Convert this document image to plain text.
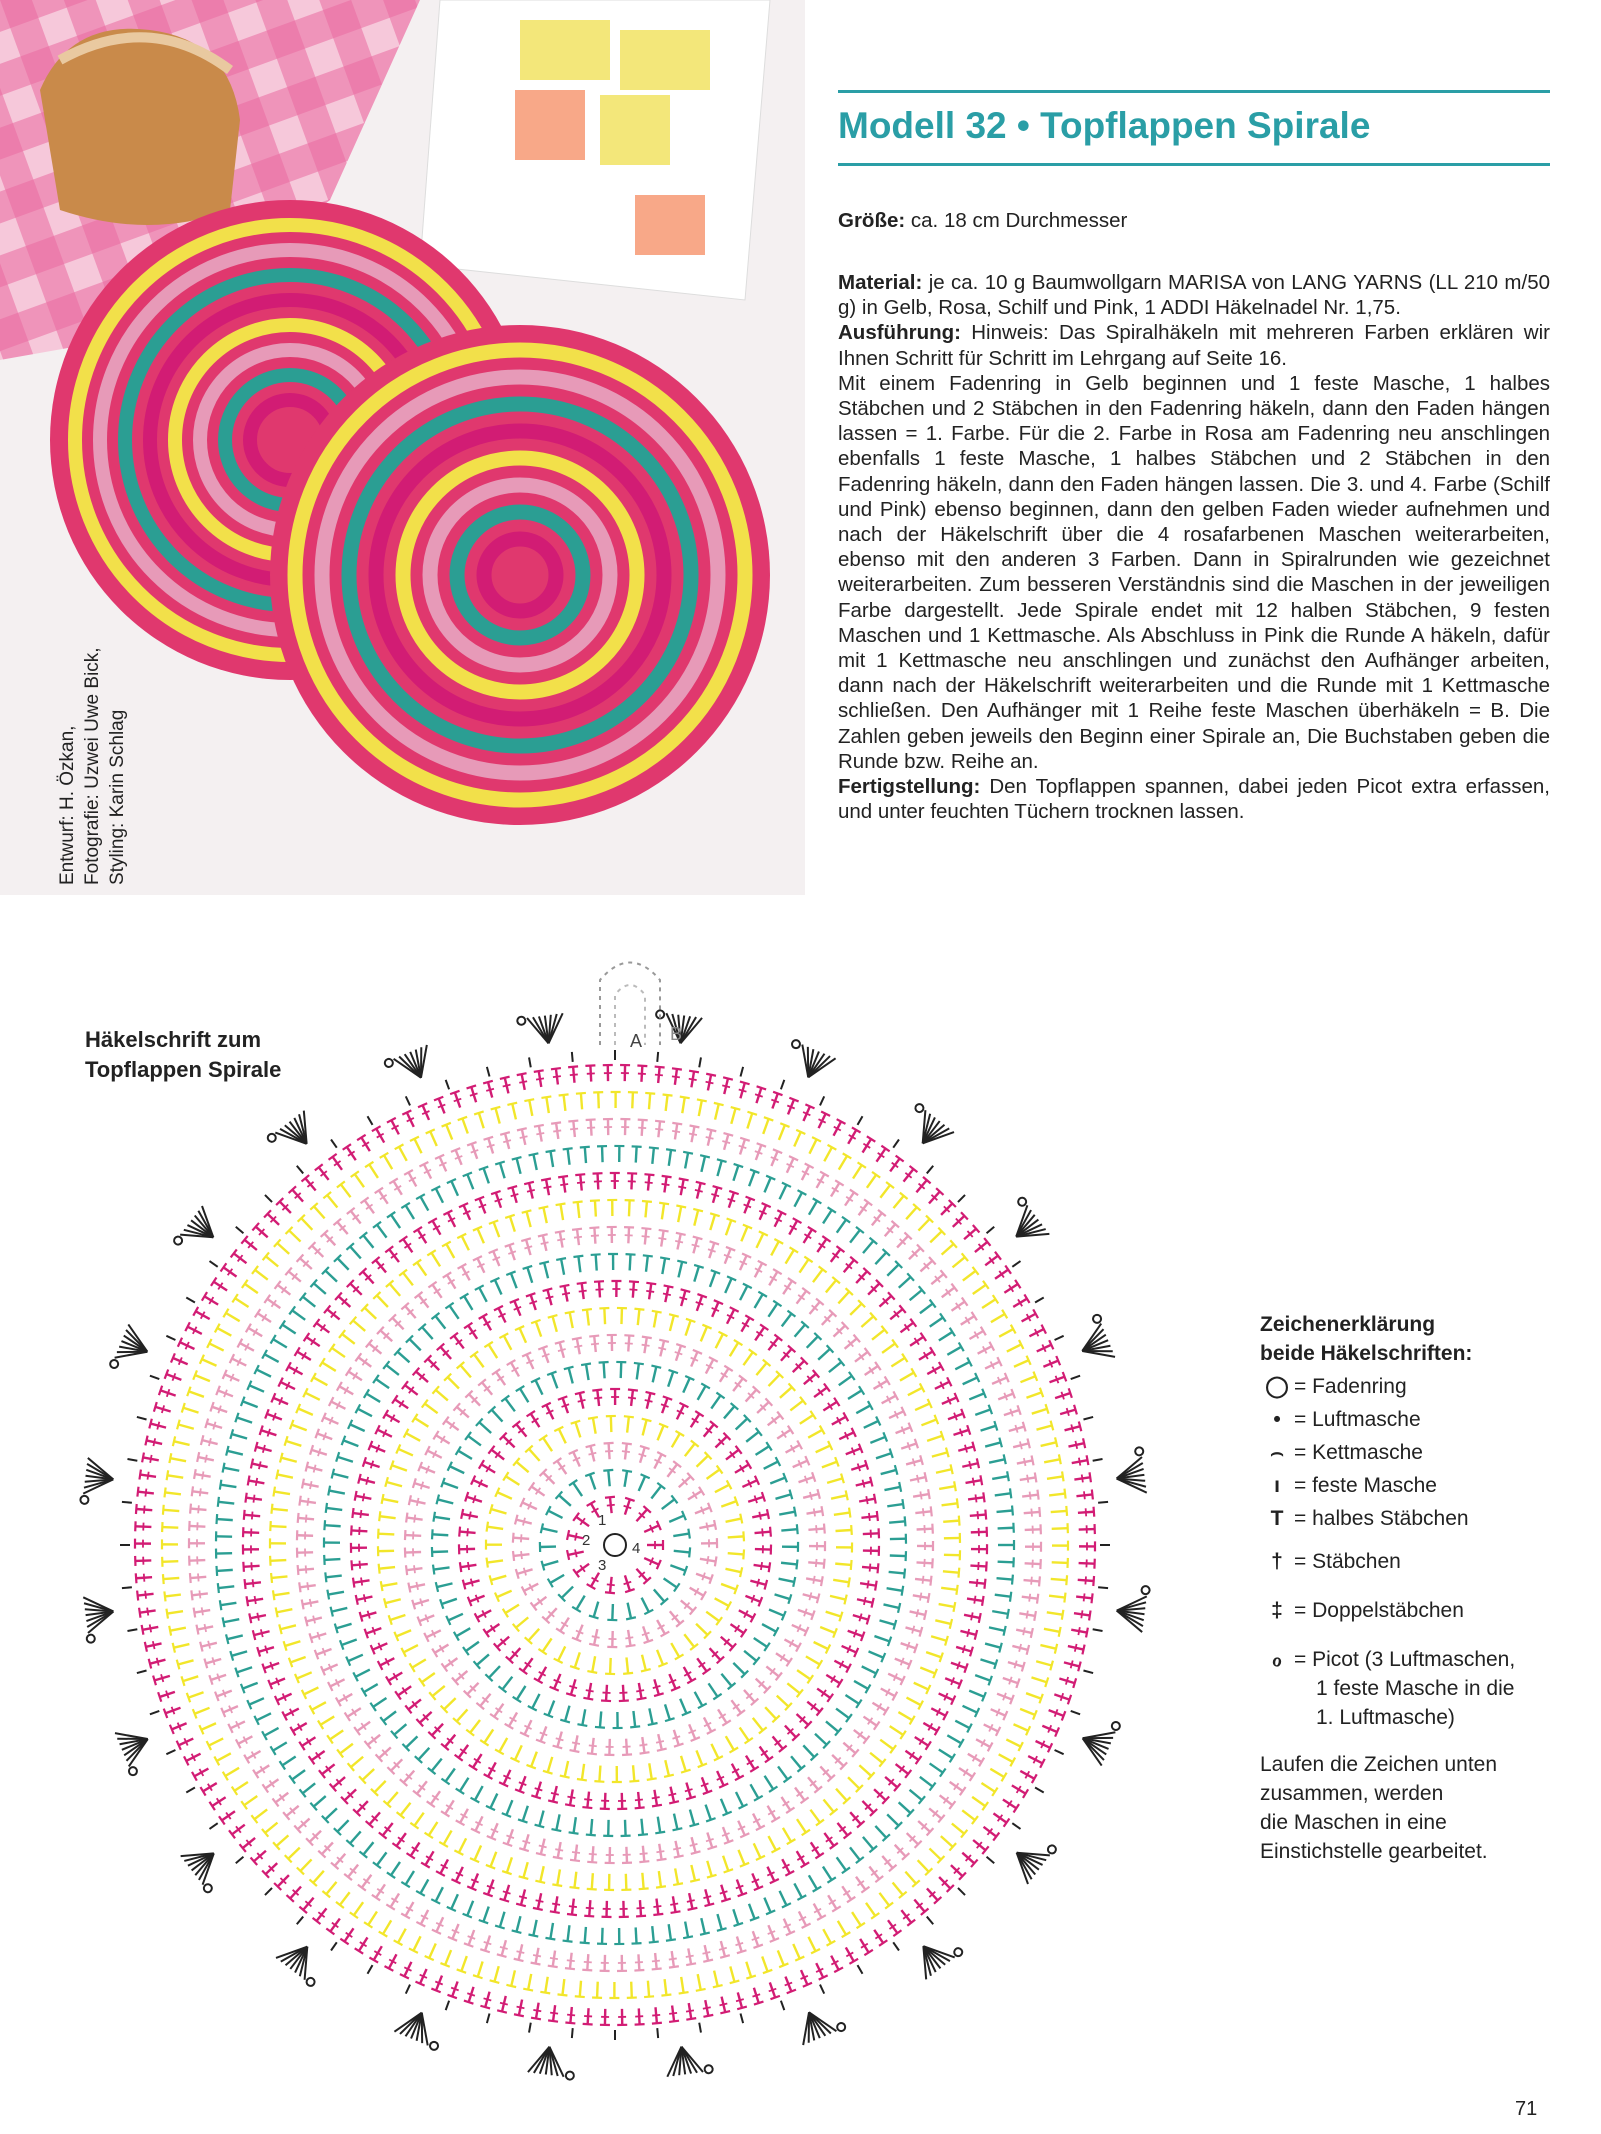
Entwurf: H. Özkan, Fotografie: Uzwei Uwe Bick, Styling: Karin Schlag
Modell 32 • Topflappen Spirale

Größe: ca. 18 cm Durchmesser

Material: je ca. 10 g Baumwollgarn MARISA von LANG YARNS (LL 210 m/50 g) in Gelb, Rosa, Schilf und Pink, 1 ADDI Häkelnadel Nr. 1,75.

Ausführung: Hinweis: Das Spiralhäkeln mit mehreren Farben erklären wir Ihnen Schritt für Schritt im Lehrgang auf Seite 16.

Mit einem Fadenring in Gelb beginnen und 1 feste Masche, 1 halbes Stäbchen und 2 Stäbchen in den Fadenring häkeln, dann den Faden hängen lassen = 1. Farbe. Für die 2. Farbe in Rosa am Fadenring neu anschlingen ebenfalls 1 feste Masche, 1 halbes Stäbchen und 2 Stäbchen in den Fadenring häkeln, dann den Faden hängen lassen. Die 3. und 4. Farbe (Schilf und Pink) ebenso beginnen, dann den gelben Faden wieder aufnehmen und nach der Häkelschrift über die 4 rosafarbenen Maschen weiterarbeiten, ebenso mit den anderen 3 Farben. Dann in Spiralrunden wie gezeichnet weiterarbeiten. Zum besseren Verständnis sind die Maschen in der jeweiligen Farbe dargestellt. Jede Spirale endet mit 12 halben Stäbchen, 9 festen Maschen und 1 Kettmasche. Als Abschluss in Pink die Runde A häkeln, dafür mit 1 Kettmasche neu anschlingen und zunächst den Aufhänger arbeiten, dann nach der Häkelschrift weiterarbeiten und die Runde mit 1 Kettmasche schließen. Den Aufhänger mit 1 Reihe feste Maschen überhäkeln = B. Die Zahlen geben jeweils den Beginn einer Spirale an, Die Buchstaben geben die Runde bzw. Reihe an.

Fertigstellung: Den Topflappen spannen, dabei jeden Picot extra erfassen, und unter feuchten Tüchern trocknen lassen.

Häkelschrift zum
Topflappen Spirale
A B
1
2
3
4
Zeichenerklärung
beide Häkelschriften:
◯ = Fadenring
• = Luftmasche
⌢ = Kettmasche
ı = feste Masche
T = halbes Stäbchen
† = Stäbchen
‡ = Doppelstäbchen
ℴ = Picot (3 Luftmaschen,
1 feste Masche in die
1. Luftmasche)
Laufen die Zeichen unten
zusammen, werden
die Maschen in eine
Einstichstelle gearbeitet.
71
